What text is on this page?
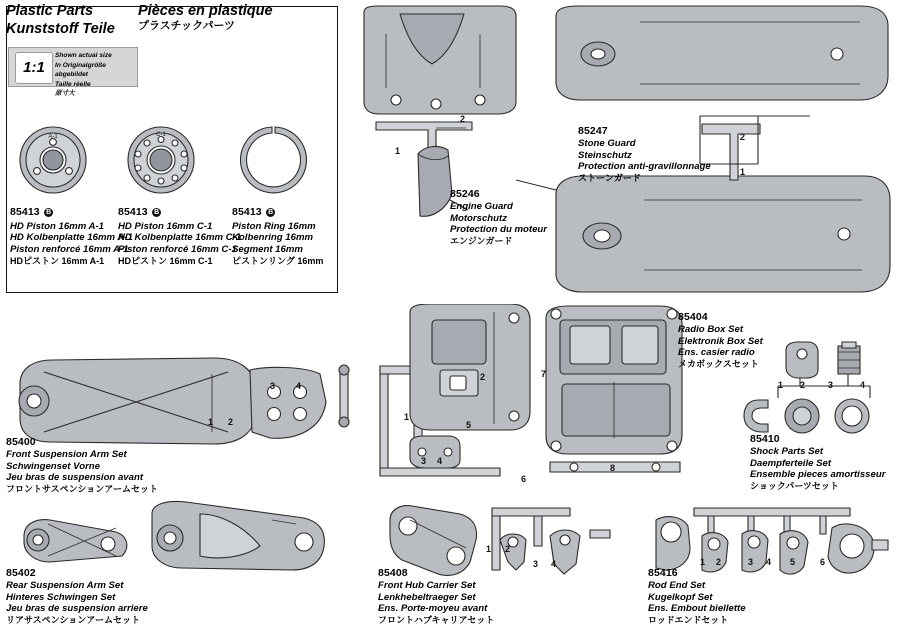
Plastic Parts
Kunststoff Teile
Pièces en plastique
プラスチックパーツ
1:1
Shown actual size
In Originalgröße abgebildet
Taille réelle
原寸大
A-1
85413 B
HD Piston 16mm A-1
HD Kolbenplatte 16mm A-1
Piston renforcé 16mm A-1
HDピストン 16mm A-1
C-1
85413 B
HD Piston 16mm C-1
HD Kolbenplatte 16mm C-1
Piston renforcé 16mm C-1
HDピストン 16mm C-1
85413 B
Piston Ring 16mm
Kolbenring 16mm
Segment 16mm
ピストンリング 16mm
85246
Engine Guard
Motorschutz
Protection du moteur
エンジンガード
2
1
85247
Stone Guard
Steinschutz
Protection anti-gravillonnage
ストーンガード
2
1
1 2
3 4
85400
Front Suspension Arm Set
Schwingenset Vorne
Jeu bras de suspension avant
フロントサスペンションアームセット
85402
Rear Suspension Arm Set
Hinteres Schwingen Set
Jeu bras de suspension arriere
リアサスペンションアームセット
1
2
3 4
5
6
7
8
85404
Radio Box Set
Elektronik Box Set
Ens. casier radio
メカボックスセット
1 2	3	4
85410
Shock Parts Set
Daempferteile Set
Ensemble pieces amortisseur
ショックパーツセット
1 2
3 4
85408
Front Hub Carrier Set
Lenkhebeltraeger Set
Ens. Porte-moyeu avant
フロントハブキャリアセット
1 2	3 4 5	6
85416
Rod End Set
Kugelkopf Set
Ens. Embout biellette
ロッドエンドセット
